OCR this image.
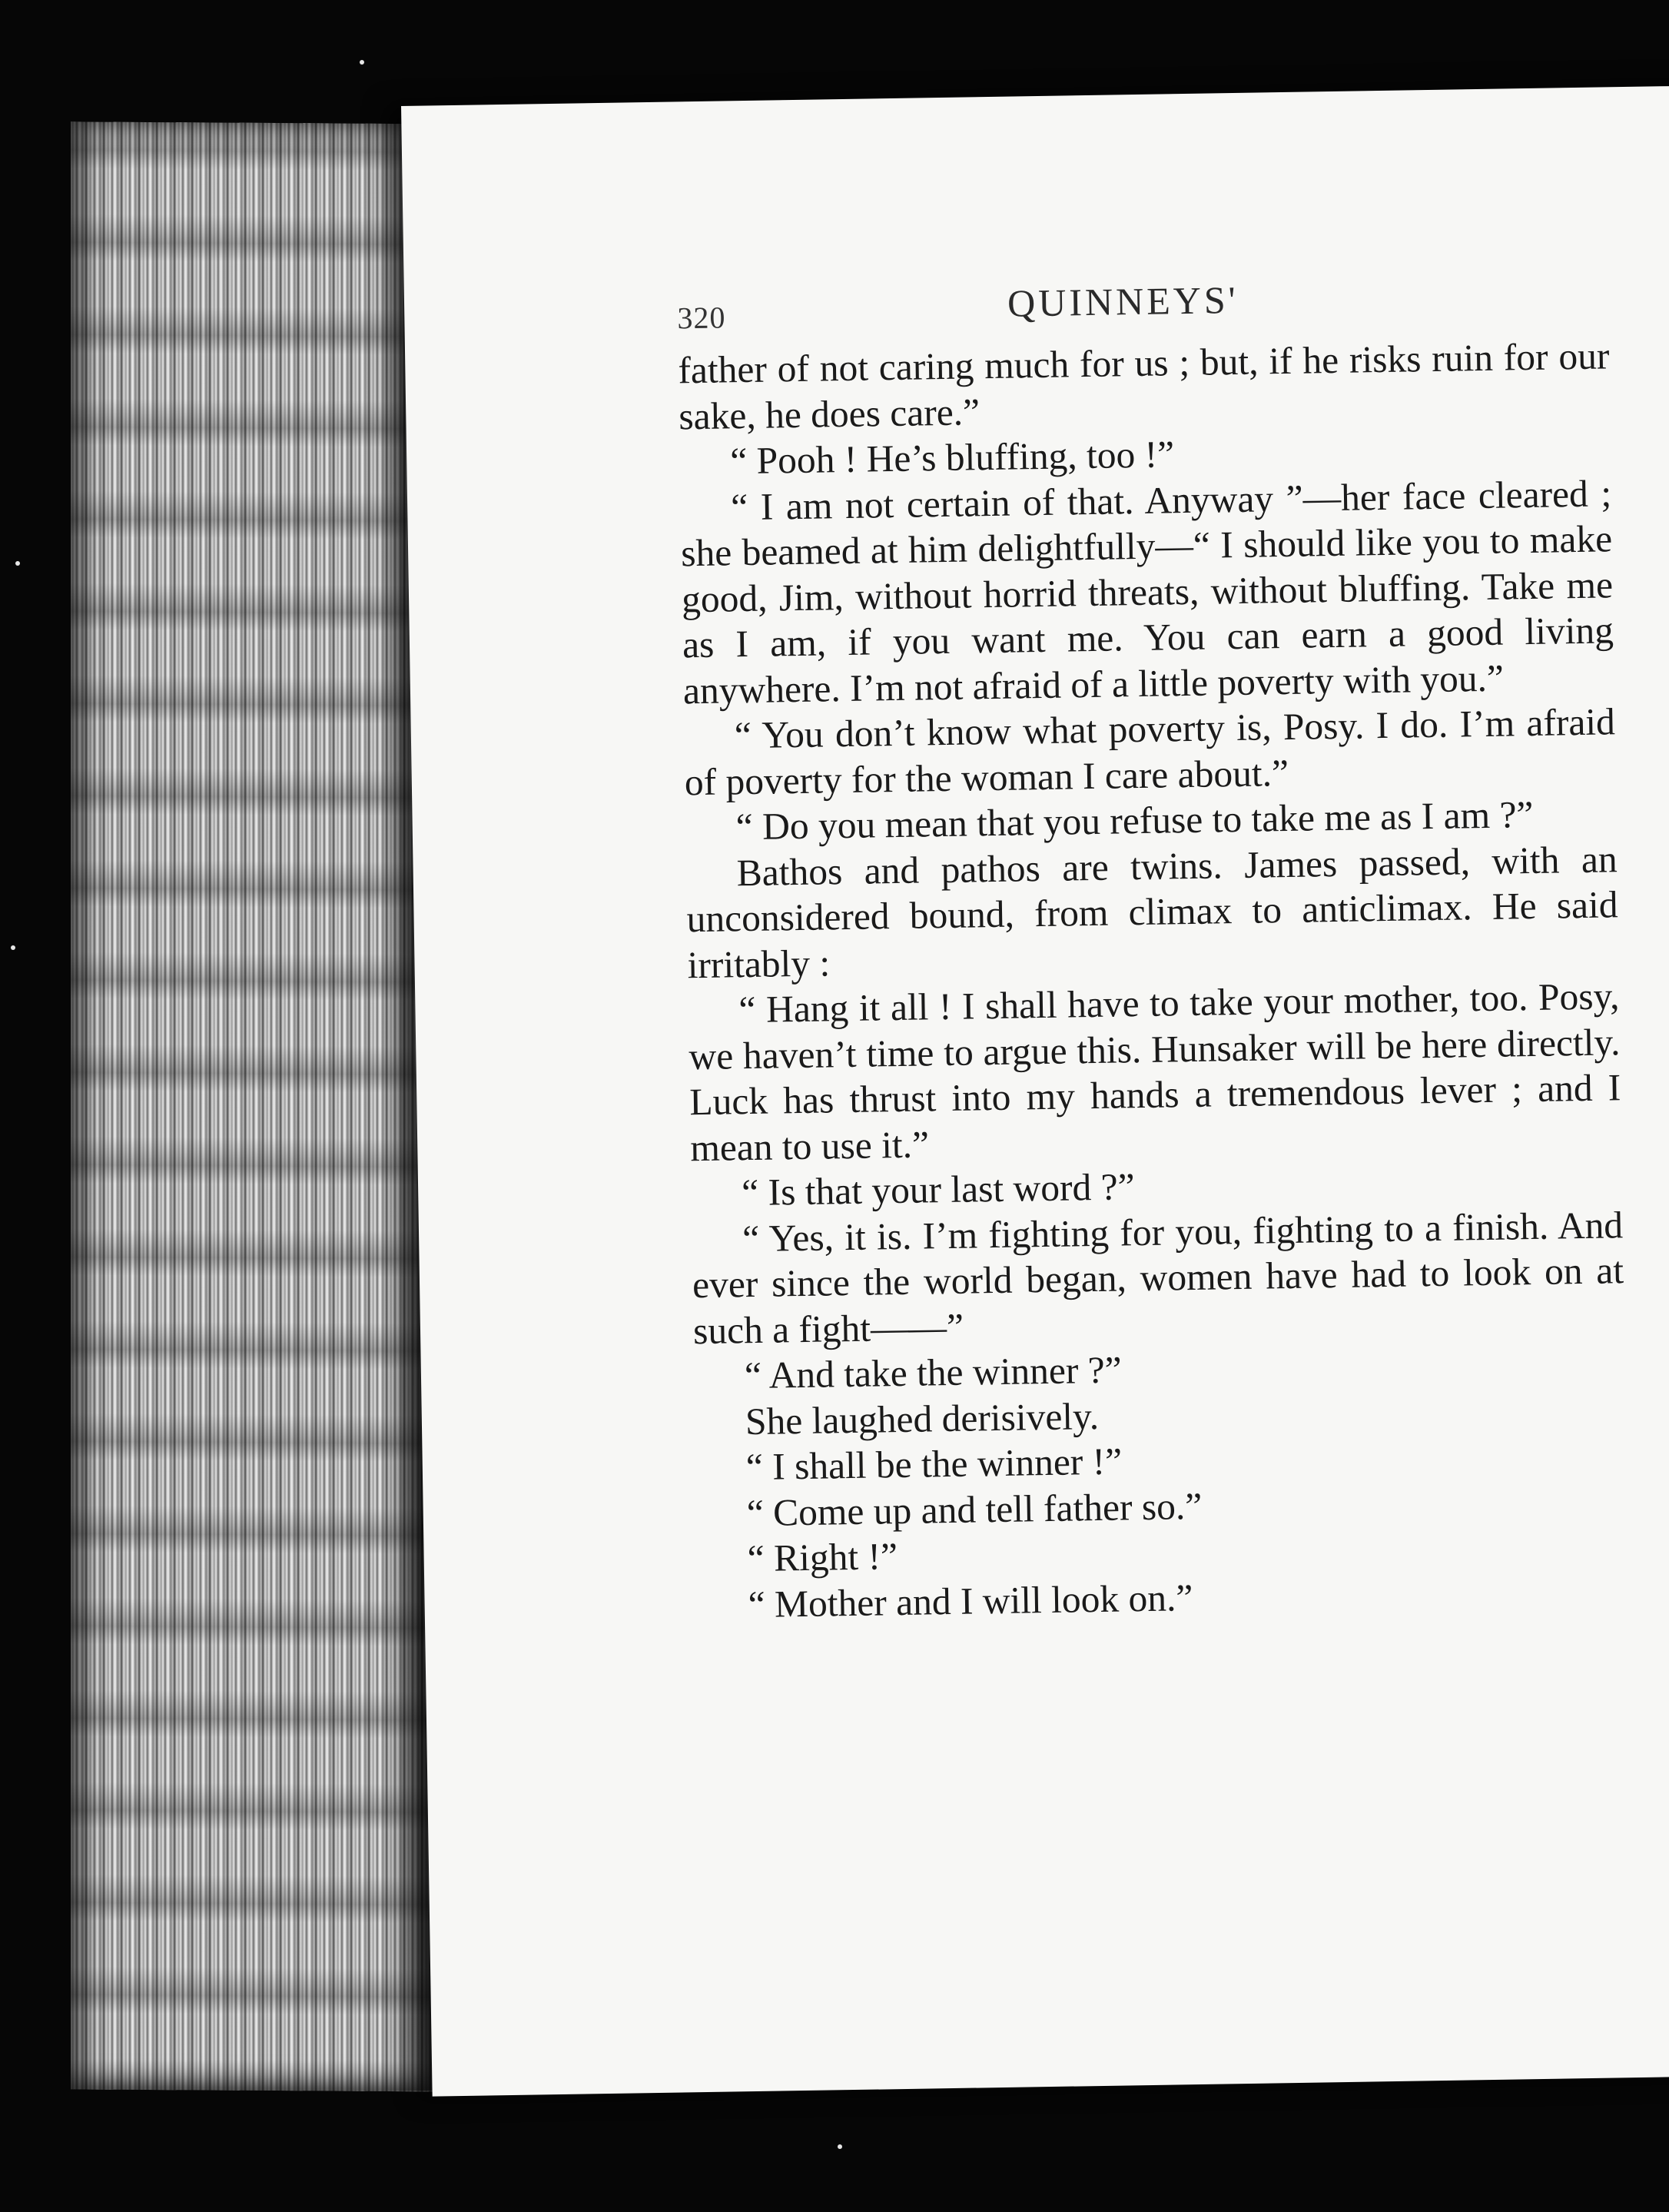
320	QUINNEYS'

father of not caring much for us ; but, if he risks ruin for our sake, he does care.”

“ Pooh ! He’s bluffing, too !”

“ I am not certain of that. Anyway ”—her face cleared ; she beamed at him delightfully—“ I should like you to make good, Jim, without horrid threats, without bluffing. Take me as I am, if you want me. You can earn a good living anywhere. I’m not afraid of a little poverty with you.”

“ You don’t know what poverty is, Posy. I do. I’m afraid of poverty for the woman I care about.”

“ Do you mean that you refuse to take me as I am ?”

Bathos and pathos are twins. James passed, with an unconsidered bound, from climax to anticlimax. He said irritably :

“ Hang it all ! I shall have to take your mother, too. Posy, we haven’t time to argue this. Hunsaker will be here directly. Luck has thrust into my hands a tremendous lever ; and I mean to use it.”

“ Is that your last word ?”

“ Yes, it is. I’m fighting for you, fighting to a finish. And ever since the world began, women have had to look on at such a fight——”

“ And take the winner ?”

She laughed derisively.

“ I shall be the winner !”

“ Come up and tell father so.”

“ Right !”

“ Mother and I will look on.”
